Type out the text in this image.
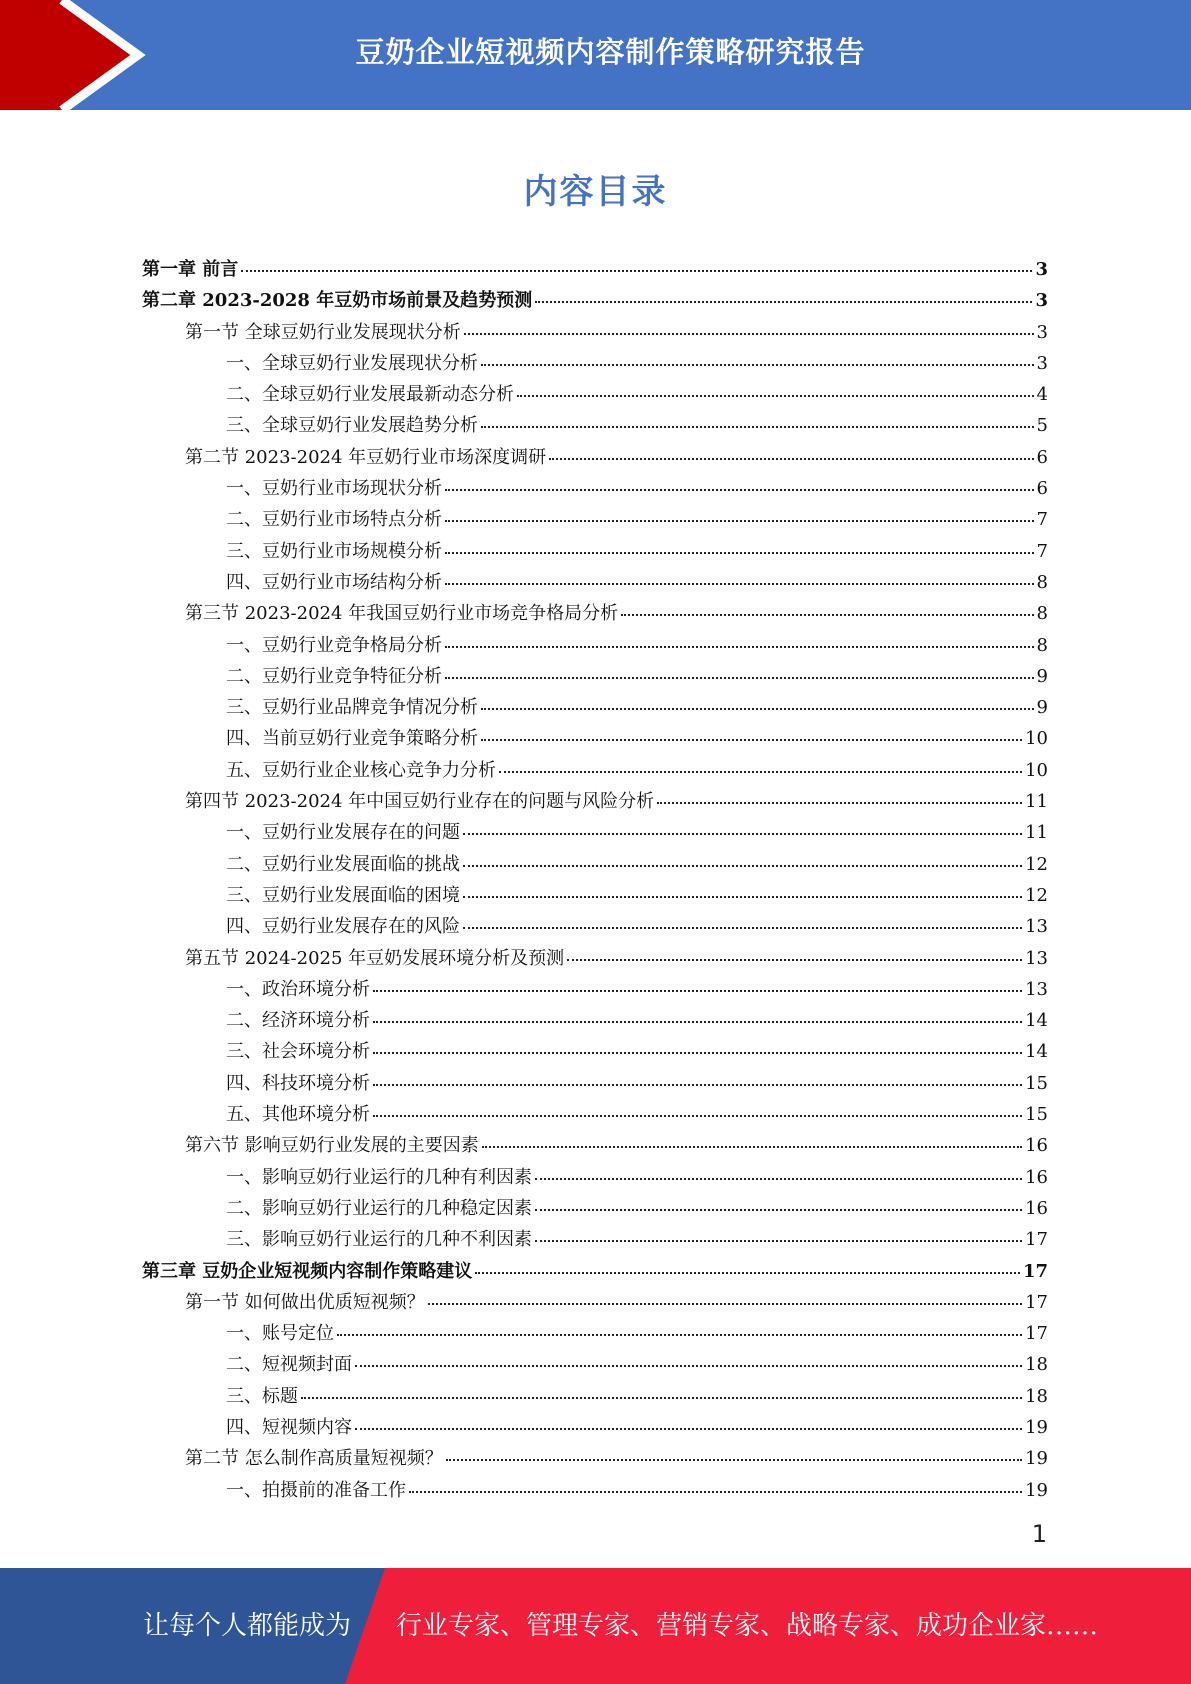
豆奶企业短视频内容制作策略研究报告
内容目录
第一章 前言	3
第二章 2023-2028 年豆奶市场前景及趋势预测	3
第一节 全球豆奶行业发展现状分析	3
一、全球豆奶行业发展现状分析	3
二、全球豆奶行业发展最新动态分析	4
三、全球豆奶行业发展趋势分析	5
第二节 2023-2024 年豆奶行业市场深度调研	6
一、豆奶行业市场现状分析	6
二、豆奶行业市场特点分析	7
三、豆奶行业市场规模分析	7
四、豆奶行业市场结构分析	8
第三节 2023-2024 年我国豆奶行业市场竞争格局分析	8
一、豆奶行业竞争格局分析	8
二、豆奶行业竞争特征分析	9
三、豆奶行业品牌竞争情况分析	9
四、当前豆奶行业竞争策略分析	10
五、豆奶行业企业核心竞争力分析	10
第四节 2023-2024 年中国豆奶行业存在的问题与风险分析	11
一、豆奶行业发展存在的问题	11
二、豆奶行业发展面临的挑战	12
三、豆奶行业发展面临的困境	12
四、豆奶行业发展存在的风险	13
第五节 2024-2025 年豆奶发展环境分析及预测	13
一、政治环境分析	13
二、经济环境分析	14
三、社会环境分析	14
四、科技环境分析	15
五、其他环境分析	15
第六节 影响豆奶行业发展的主要因素	16
一、影响豆奶行业运行的几种有利因素	16
二、影响豆奶行业运行的几种稳定因素	16
三、影响豆奶行业运行的几种不利因素	17
第三章 豆奶企业短视频内容制作策略建议	17
第一节 如何做出优质短视频？	17
一、账号定位	17
二、短视频封面	18
三、标题	18
四、短视频内容	19
第二节 怎么制作高质量短视频？	19
一、拍摄前的准备工作	19
1
让每个人都能成为 行业专家、管理专家、营销专家、战略专家、成功企业家……
